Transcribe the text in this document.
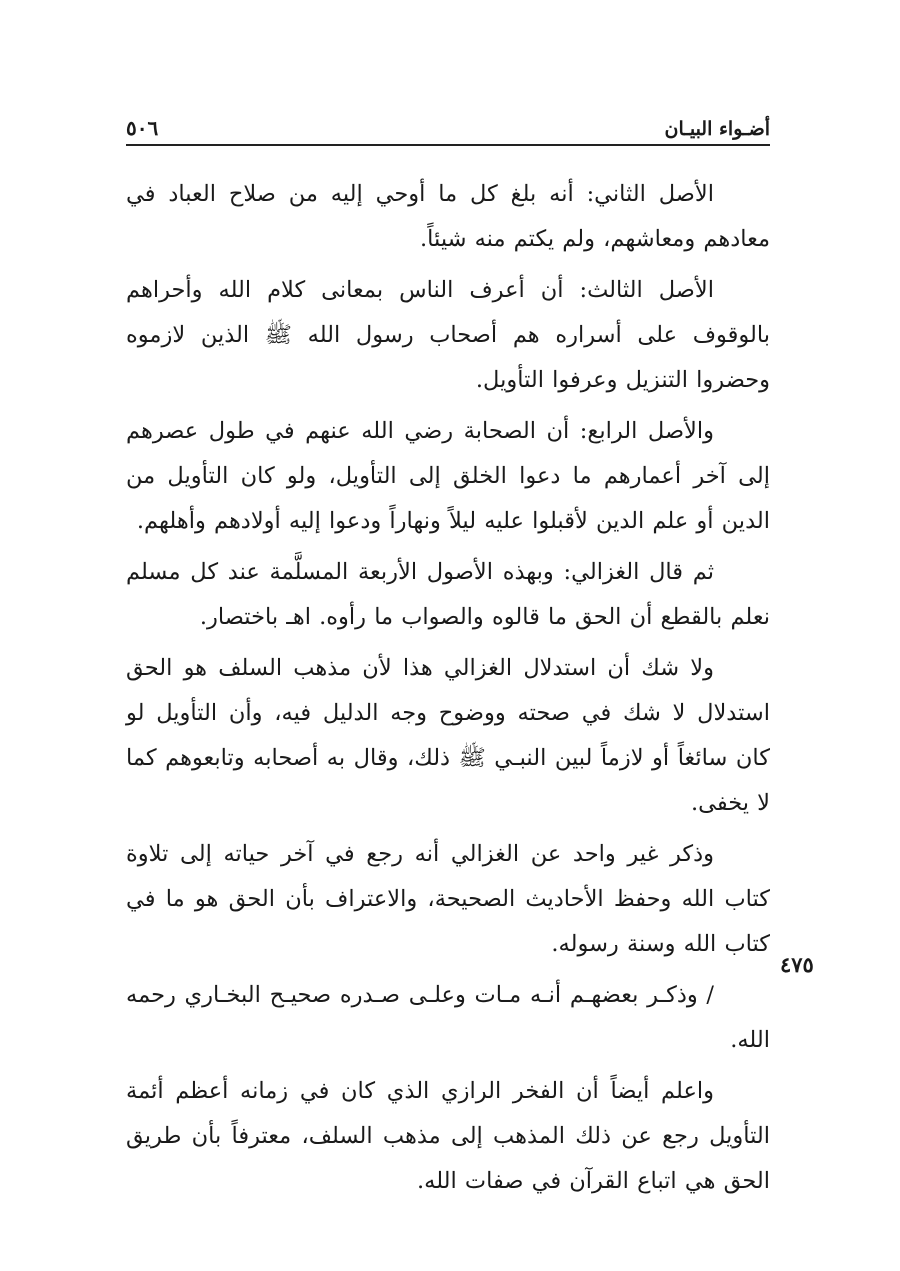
أضـواء البيـان
٥٠٦

الأصل الثاني: أنه بلغ كل ما أوحي إليه من صلاح العباد في معادهم ومعاشهم، ولم يكتم منه شيئاً.

الأصل الثالث: أن أعرف الناس بمعانى كلام الله وأحراهم بالوقوف على أسراره هم أصحاب رسول الله ﷺ الذين لازموه وحضروا التنزيل وعرفوا التأويل.

والأصل الرابع: أن الصحابة رضي الله عنهم في طول عصرهم إلى آخر أعمارهم ما دعوا الخلق إلى التأويل، ولو كان التأويل من الدين أو علم الدين لأقبلوا عليه ليلاً ونهاراً ودعوا إليه أولادهم وأهلهم.

ثم قال الغزالي: وبهذه الأصول الأربعة المسلَّمة عند كل مسلم نعلم بالقطع أن الحق ما قالوه والصواب ما رأوه. اهـ باختصار.

ولا شك أن استدلال الغزالي هذا لأن مذهب السلف هو الحق استدلال لا شك في صحته ووضوح وجه الدليل فيه، وأن التأويل لو كان سائغاً أو لازماً لبين النبـي ﷺ ذلك، وقال به أصحابه وتابعوهم كما لا يخفى.

وذكر غير واحد عن الغزالي أنه رجع في آخر حياته إلى تلاوة كتاب الله وحفظ الأحاديث الصحيحة، والاعتراف بأن الحق هو ما في كتاب الله وسنة رسوله.

/ وذكـر بعضهـم أنـه مـات وعلـى صـدره صحيـح البخـاري رحمه الله.

واعلم أيضاً أن الفخر الرازي الذي كان في زمانه أعظم أئمة التأويل رجع عن ذلك المذهب إلى مذهب السلف، معترفاً بأن طريق الحق هي اتباع القرآن في صفات الله.

٤٧٥
